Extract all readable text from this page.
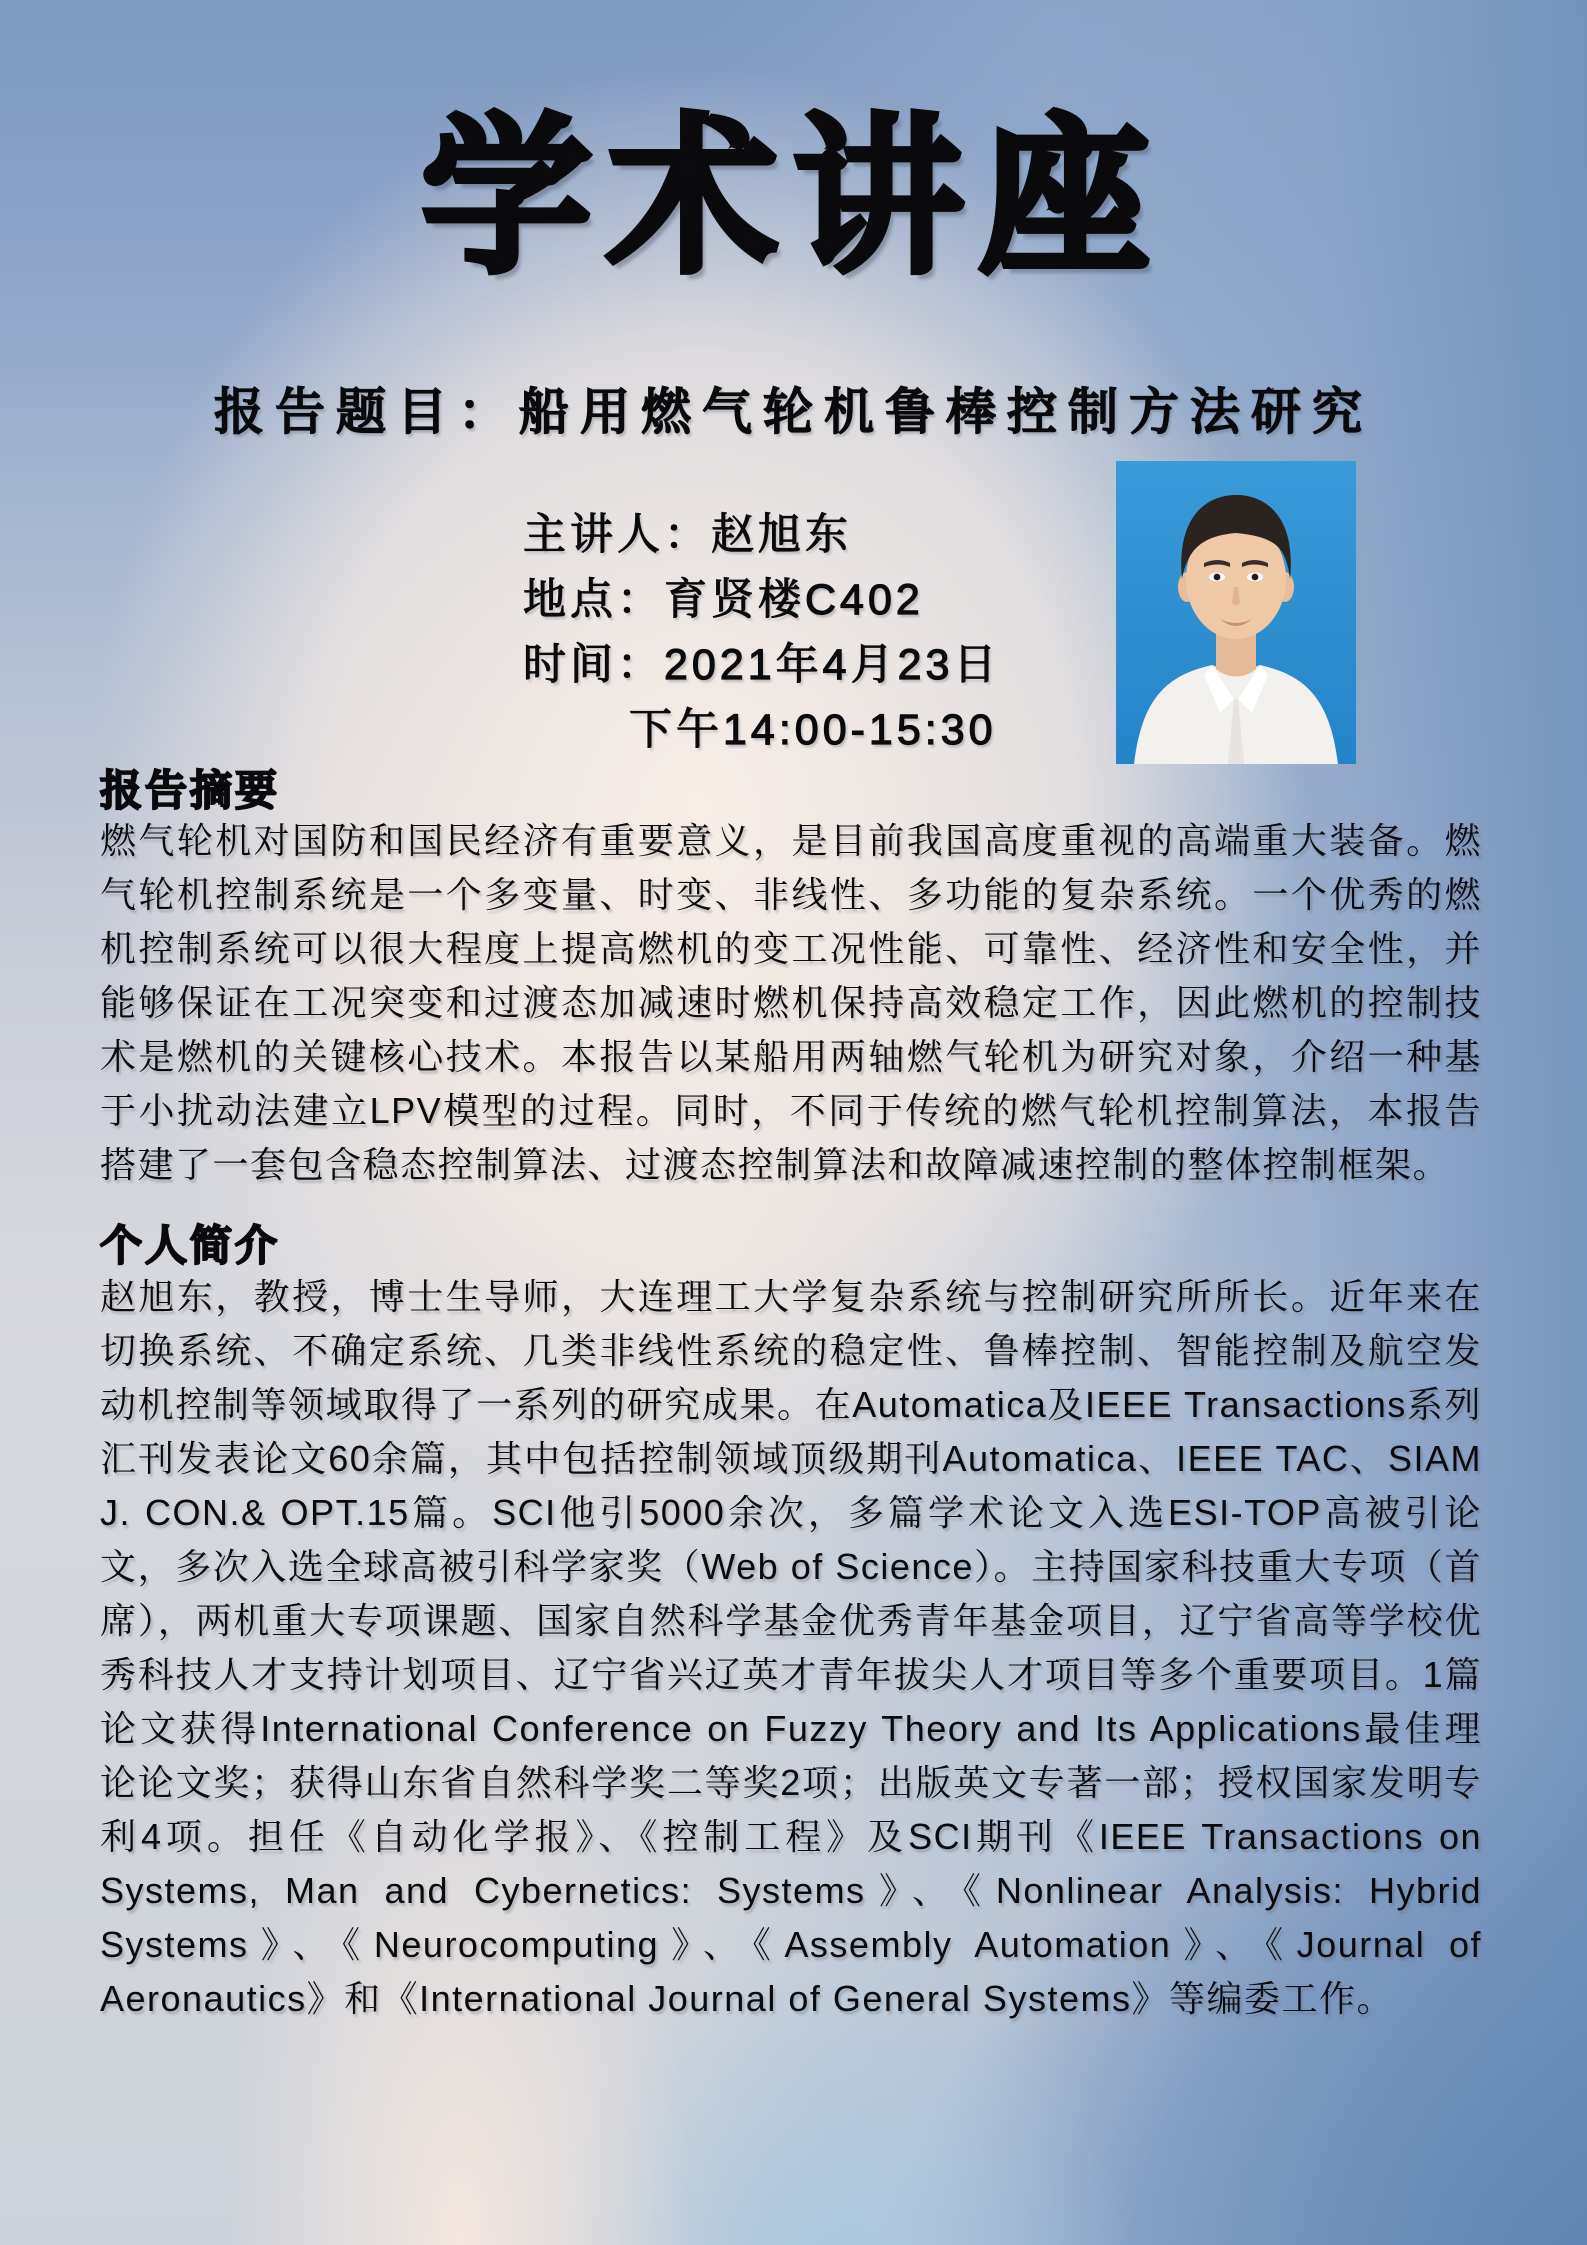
学术讲座
报告题目：船用燃气轮机鲁棒控制方法研究
主讲人：赵旭东
地点：育贤楼C402
时间：2021年4月23日
下午14:00-15:30
报告摘要
燃气轮机对国防和国民经济有重要意义，是目前我国高度重视的高端重大装备。燃气轮机控制系统是一个多变量、时变、非线性、多功能的复杂系统。一个优秀的燃机控制系统可以很大程度上提高燃机的变工况性能、可靠性、经济性和安全性，并能够保证在工况突变和过渡态加减速时燃机保持高效稳定工作，因此燃机的控制技术是燃机的关键核心技术。本报告以某船用两轴燃气轮机为研究对象，介绍一种基于小扰动法建立LPV模型的过程。同时，不同于传统的燃气轮机控制算法，本报告搭建了一套包含稳态控制算法、过渡态控制算法和故障减速控制的整体控制框架。
个人简介
赵旭东，教授，博士生导师，大连理工大学复杂系统与控制研究所所长。近年来在切换系统、不确定系统、几类非线性系统的稳定性、鲁棒控制、智能控制及航空发动机控制等领域取得了一系列的研究成果。在Automatica及IEEE Transactions系列汇刊发表论文60余篇，其中包括控制领域顶级期刊Automatica、IEEE TAC、SIAM J. CON.& OPT.15篇。SCI他引5000余次，多篇学术论文入选ESI-TOP高被引论文，多次入选全球高被引科学家奖（Web of Science）。主持国家科技重大专项（首席），两机重大专项课题、国家自然科学基金优秀青年基金项目，辽宁省高等学校优秀科技人才支持计划项目、辽宁省兴辽英才青年拔尖人才项目等多个重要项目。1篇论文获得International Conference on Fuzzy Theory and Its Applications最佳理论论文奖；获得山东省自然科学奖二等奖2项；出版英文专著一部；授权国家发明专利4项。担任《自动化学报》、《控制工程》及SCI期刊《IEEE Transactions on Systems, Man and Cybernetics: Systems》、《Nonlinear Analysis: Hybrid Systems》、《Neurocomputing》、《Assembly Automation》、《Journal of Aeronautics》和《International Journal of General Systems》等编委工作。
